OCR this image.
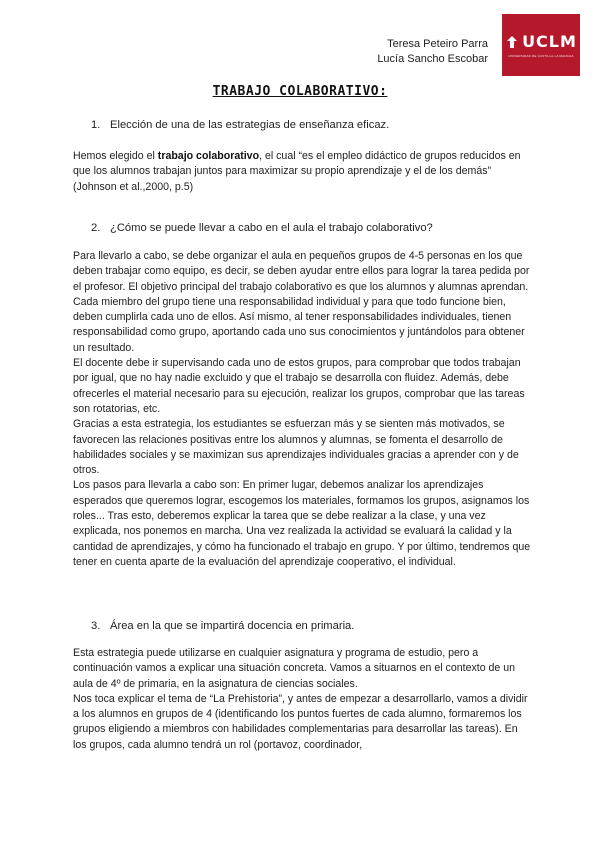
Teresa Peteiro Parra
Lucía Sancho Escobar
UCLM
UNIVERSIDAD DE CASTILLA-LA MANCHA
TRABAJO COLABORATIVO:
1. Elección de una de las estrategias de enseñanza eficaz.

Hemos elegido el trabajo colaborativo, el cual “es el empleo didáctico de grupos reducidos en que los alumnos trabajan juntos para maximizar su propio aprendizaje y el de los demás” (Johnson et al.,2000, p.5)

2. ¿Cómo se puede llevar a cabo en el aula el trabajo colaborativo?

Para llevarlo a cabo, se debe organizar el aula en pequeños grupos de 4-5 personas en los que deben trabajar como equipo, es decir, se deben ayudar entre ellos para lograr la tarea pedida por el profesor. El objetivo principal del trabajo colaborativo es que los alumnos y alumnas aprendan.

Cada miembro del grupo tiene una responsabilidad individual y para que todo funcione bien, deben cumplirla cada uno de ellos. Así mismo, al tener responsabilidades individuales, tienen responsabilidad como grupo, aportando cada uno sus conocimientos y juntándolos para obtener un resultado.

El docente debe ir supervisando cada uno de estos grupos, para comprobar que todos trabajan por igual, que no hay nadie excluido y que el trabajo se desarrolla con fluidez. Además, debe ofrecerles el material necesario para su ejecución, realizar los grupos, comprobar que las tareas son rotatorias, etc.

Gracias a esta estrategia, los estudiantes se esfuerzan más y se sienten más motivados, se favorecen las relaciones positivas entre los alumnos y alumnas, se fomenta el desarrollo de habilidades sociales y se maximizan sus aprendizajes individuales gracias a aprender con y de otros.

Los pasos para llevarla a cabo son: En primer lugar, debemos analizar los aprendizajes esperados que queremos lograr, escogemos los materiales, formamos los grupos, asignamos los roles... Tras esto, deberemos explicar la tarea que se debe realizar a la clase, y una vez explicada, nos ponemos en marcha. Una vez realizada la actividad se evaluará la calidad y la cantidad de aprendizajes, y cómo ha funcionado el trabajo en grupo. Y por último, tendremos que tener en cuenta aparte de la evaluación del aprendizaje cooperativo, el individual.

3. Área en la que se impartirá docencia en primaria.

Esta estrategia puede utilizarse en cualquier asignatura y programa de estudio, pero a continuación vamos a explicar una situación concreta. Vamos a situarnos en el contexto de un aula de 4º de primaria, en la asignatura de ciencias sociales.

Nos toca explicar el tema de “La Prehistoria”, y antes de empezar a desarrollarlo, vamos a dividir a los alumnos en grupos de 4 (identificando los puntos fuertes de cada alumno, formaremos los grupos eligiendo a miembros con habilidades complementarias para desarrollar las tareas). En los grupos, cada alumno tendrá un rol (portavoz, coordinador,
